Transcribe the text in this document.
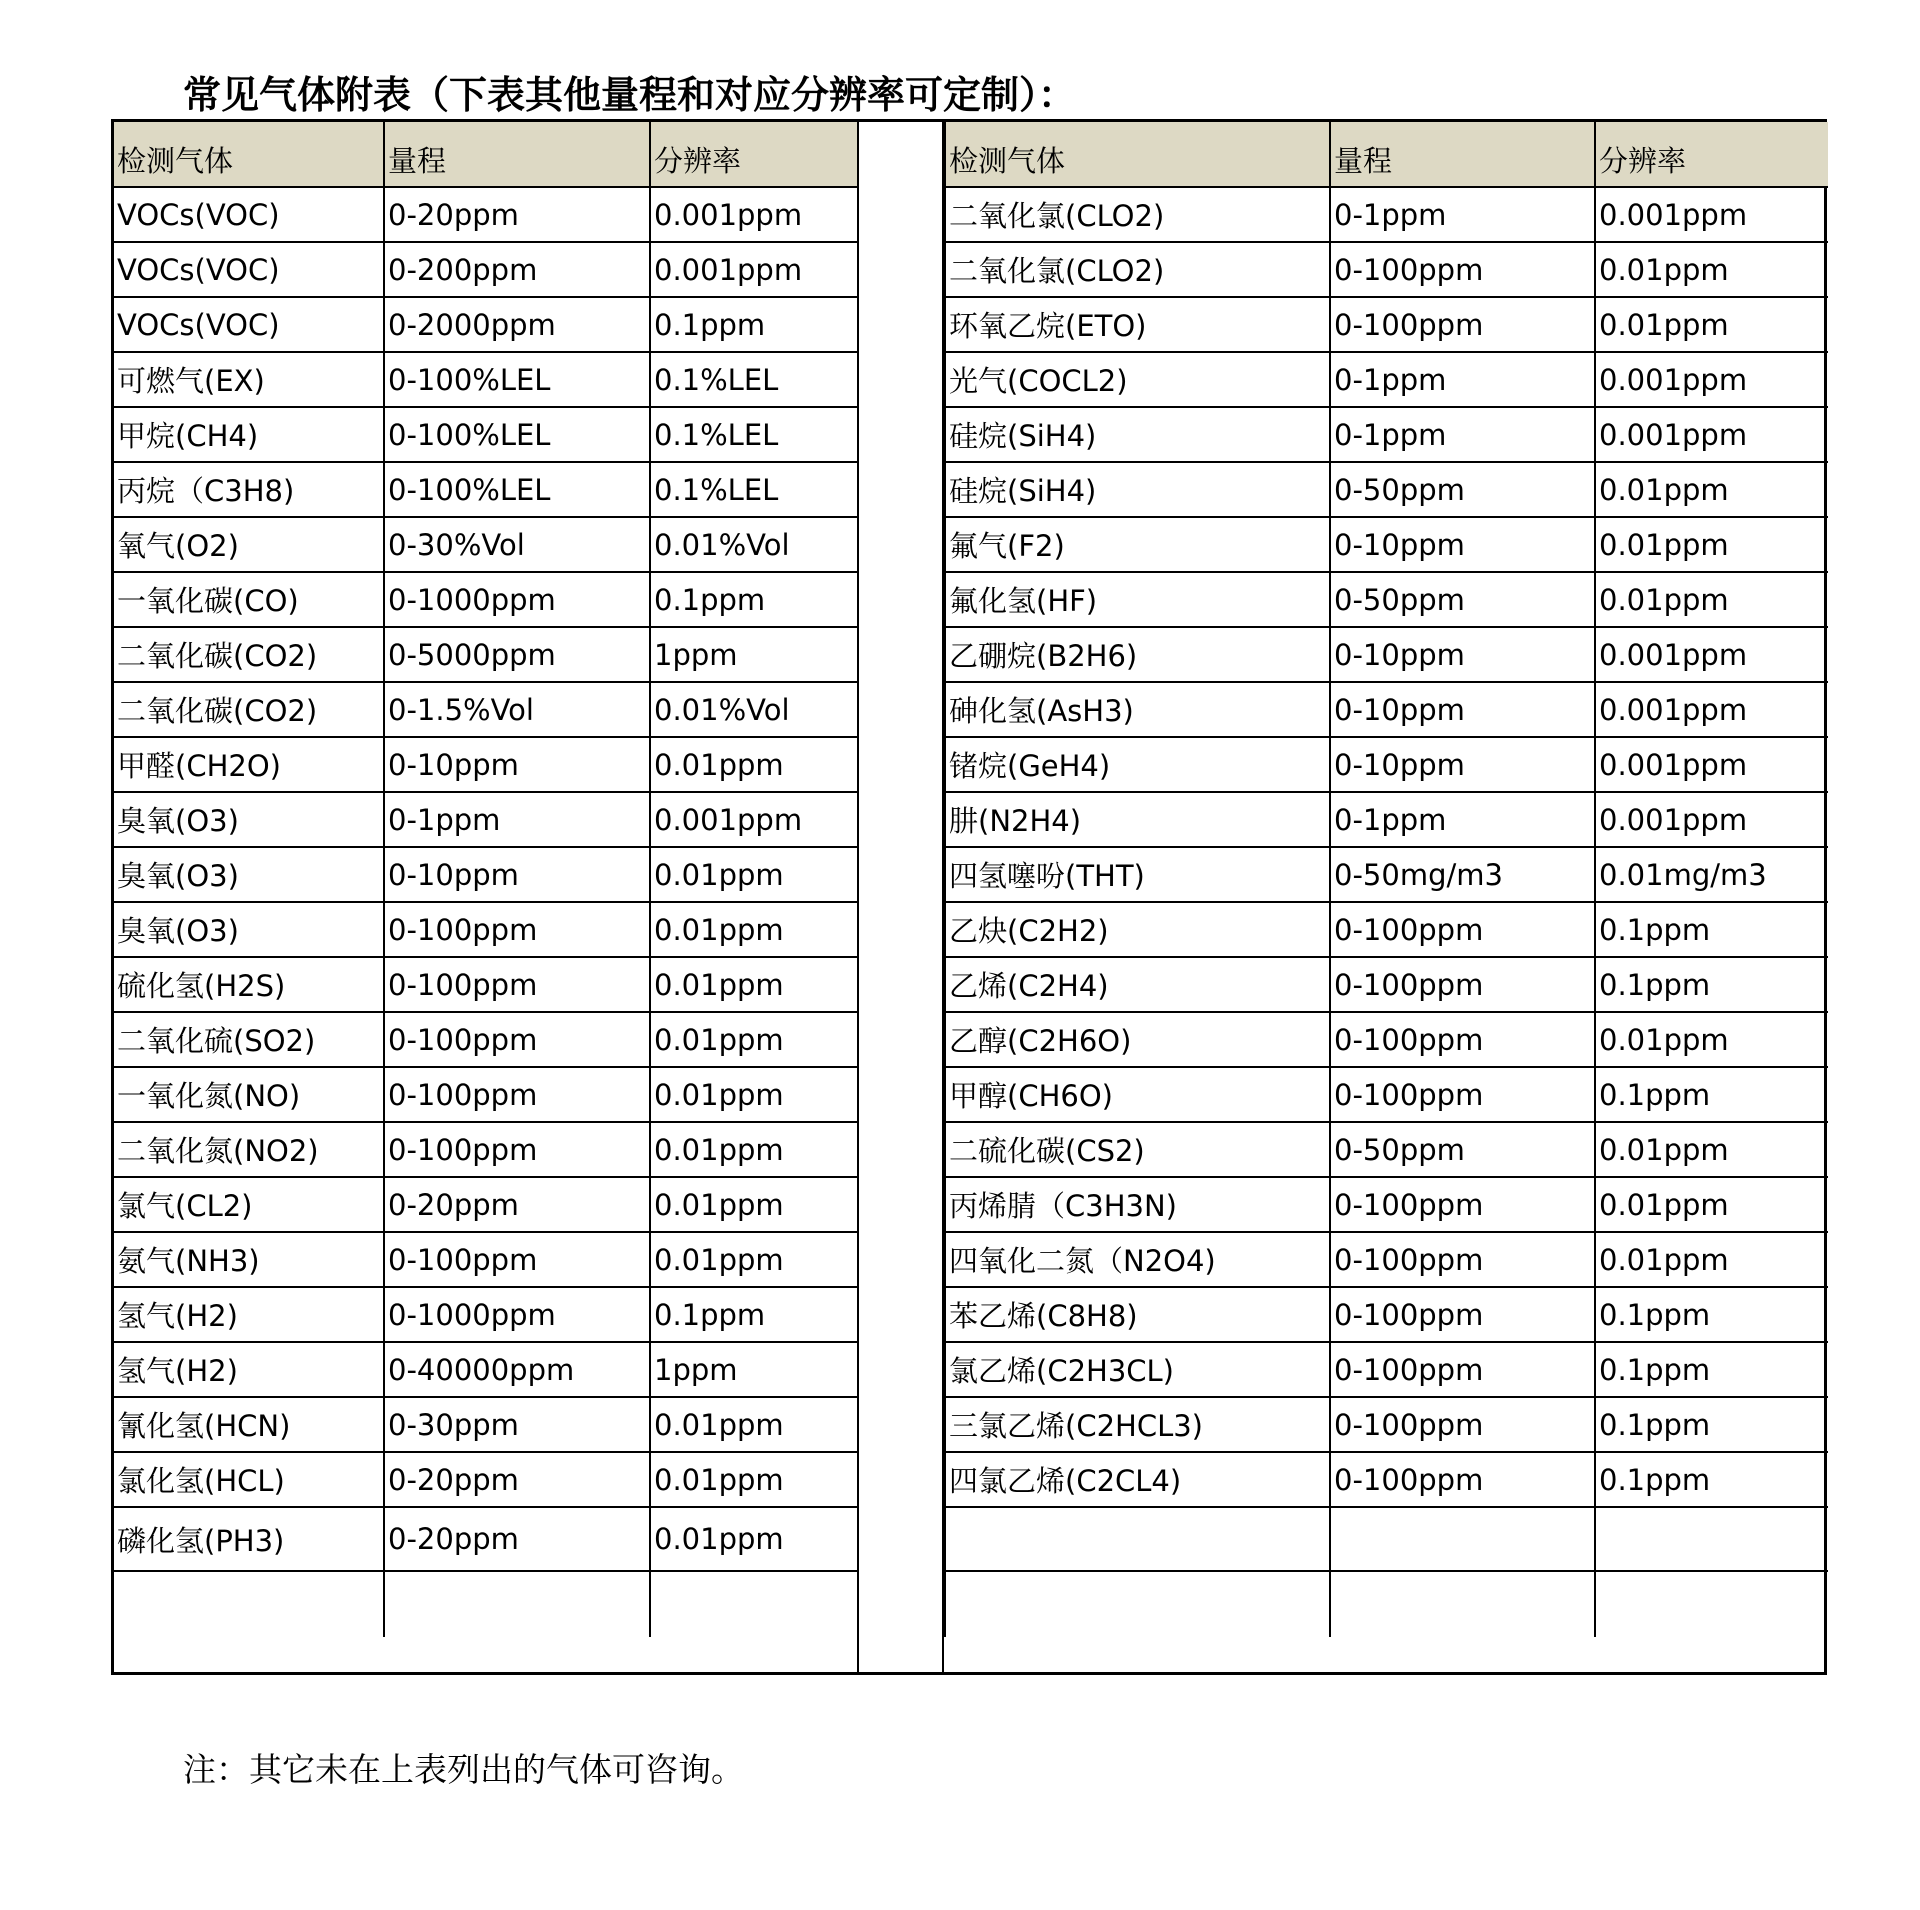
常见气体附表（下表其他量程和对应分辨率可定制）：
检测气体	量程	分辨率
VOCs(VOC)	0-20ppm	0.001ppm
VOCs(VOC)	0-200ppm	0.001ppm
VOCs(VOC)	0-2000ppm	0.1ppm
可燃气(EX)	0-100%LEL	0.1%LEL
甲烷(CH4)	0-100%LEL	0.1%LEL
丙烷（C3H8)	0-100%LEL	0.1%LEL
氧气(O2)	0-30%Vol	0.01%Vol
一氧化碳(CO)	0-1000ppm	0.1ppm
二氧化碳(CO2)	0-5000ppm	1ppm
二氧化碳(CO2)	0-1.5%Vol	0.01%Vol
甲醛(CH2O)	0-10ppm	0.01ppm
臭氧(O3)	0-1ppm	0.001ppm
臭氧(O3)	0-10ppm	0.01ppm
臭氧(O3)	0-100ppm	0.01ppm
硫化氢(H2S)	0-100ppm	0.01ppm
二氧化硫(SO2)	0-100ppm	0.01ppm
一氧化氮(NO)	0-100ppm	0.01ppm
二氧化氮(NO2)	0-100ppm	0.01ppm
氯气(CL2)	0-20ppm	0.01ppm
氨气(NH3)	0-100ppm	0.01ppm
氢气(H2)	0-1000ppm	0.1ppm
氢气(H2)	0-40000ppm	1ppm
氰化氢(HCN)	0-30ppm	0.01ppm
氯化氢(HCL)	0-20ppm	0.01ppm
磷化氢(PH3)	0-20ppm	0.01ppm

检测气体	量程	分辨率
二氧化氯(CLO2)	0-1ppm	0.001ppm
二氧化氯(CLO2)	0-100ppm	0.01ppm
环氧乙烷(ETO)	0-100ppm	0.01ppm
光气(COCL2)	0-1ppm	0.001ppm
硅烷(SiH4)	0-1ppm	0.001ppm
硅烷(SiH4)	0-50ppm	0.01ppm
氟气(F2)	0-10ppm	0.01ppm
氟化氢(HF)	0-50ppm	0.01ppm
乙硼烷(B2H6)	0-10ppm	0.001ppm
砷化氢(AsH3)	0-10ppm	0.001ppm
锗烷(GeH4)	0-10ppm	0.001ppm
肼(N2H4)	0-1ppm	0.001ppm
四氢噻吩(THT)	0-50mg/m3	0.01mg/m3
乙炔(C2H2)	0-100ppm	0.1ppm
乙烯(C2H4)	0-100ppm	0.1ppm
乙醇(C2H6O)	0-100ppm	0.01ppm
甲醇(CH6O)	0-100ppm	0.1ppm
二硫化碳(CS2)	0-50ppm	0.01ppm
丙烯腈（C3H3N)	0-100ppm	0.01ppm
四氧化二氮（N2O4)	0-100ppm	0.01ppm
苯乙烯(C8H8)	0-100ppm	0.1ppm
氯乙烯(C2H3CL)	0-100ppm	0.1ppm
三氯乙烯(C2HCL3)	0-100ppm	0.1ppm
四氯乙烯(C2CL4)	0-100ppm	0.1ppm

注：其它未在上表列出的气体可咨询。
